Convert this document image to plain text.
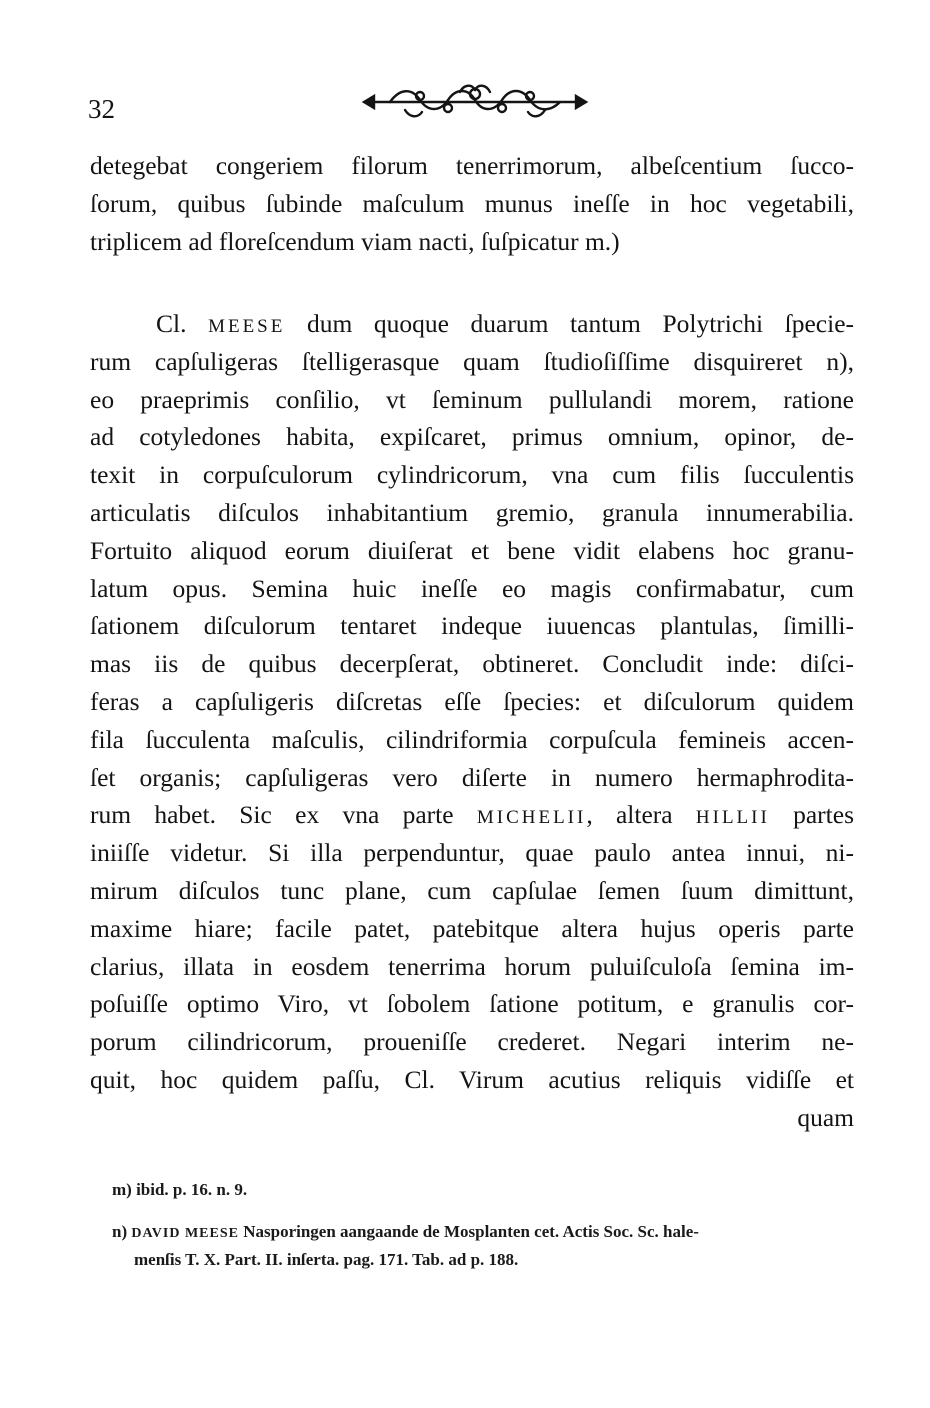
32
detegebat congeriem filorum tenerrimorum, albeſcentium ſucco-
ſorum, quibus ſubinde maſculum munus ineſſe in hoc vegetabili,
triplicem ad floreſcendum viam nacti, ſuſpicatur m.)
Cl. MEESE dum quoque duarum tantum Polytrichi ſpecie-
rum capſuligeras ſtelligerasque quam ſtudioſiſſime disquireret n),
eo praeprimis conſilio, vt ſeminum pullulandi morem, ratione
ad cotyledones habita, expiſcaret, primus omnium, opinor, de-
texit in corpuſculorum cylindricorum, vna cum filis ſucculentis
articulatis diſculos inhabitantium gremio, granula innumerabilia.
Fortuito aliquod eorum diuiſerat et bene vidit elabens hoc granu-
latum opus. Semina huic ineſſe eo magis confirmabatur, cum
ſationem diſculorum tentaret indeque iuuencas plantulas, ſimilli-
mas iis de quibus decerpſerat, obtineret. Concludit inde: diſci-
feras a capſuligeris diſcretas eſſe ſpecies: et diſculorum quidem
fila ſucculenta maſculis, cilindriformia corpuſcula femineis accen-
ſet organis; capſuligeras vero diſerte in numero hermaphrodita-
rum habet. Sic ex vna parte MICHELII, altera HILLII partes
iniiſſe videtur. Si illa perpenduntur, quae paulo antea innui, ni-
mirum diſculos tunc plane, cum capſulae ſemen ſuum dimittunt,
maxime hiare; facile patet, patebitque altera hujus operis parte
clarius, illata in eosdem tenerrima horum puluiſculoſa ſemina im-
poſuiſſe optimo Viro, vt ſobolem ſatione potitum, e granulis cor-
porum cilindricorum, proueniſſe crederet. Negari interim ne-
quit, hoc quidem paſſu, Cl. Virum acutius reliquis vidiſſe et
quam
m) ibid. p. 16. n. 9.
n) DAVID MEESE Nasporingen aangaande de Mosplanten cet. Actis Soc. Sc. hale-
menſis T. X. Part. II. inſerta. pag. 171. Tab. ad p. 188.
